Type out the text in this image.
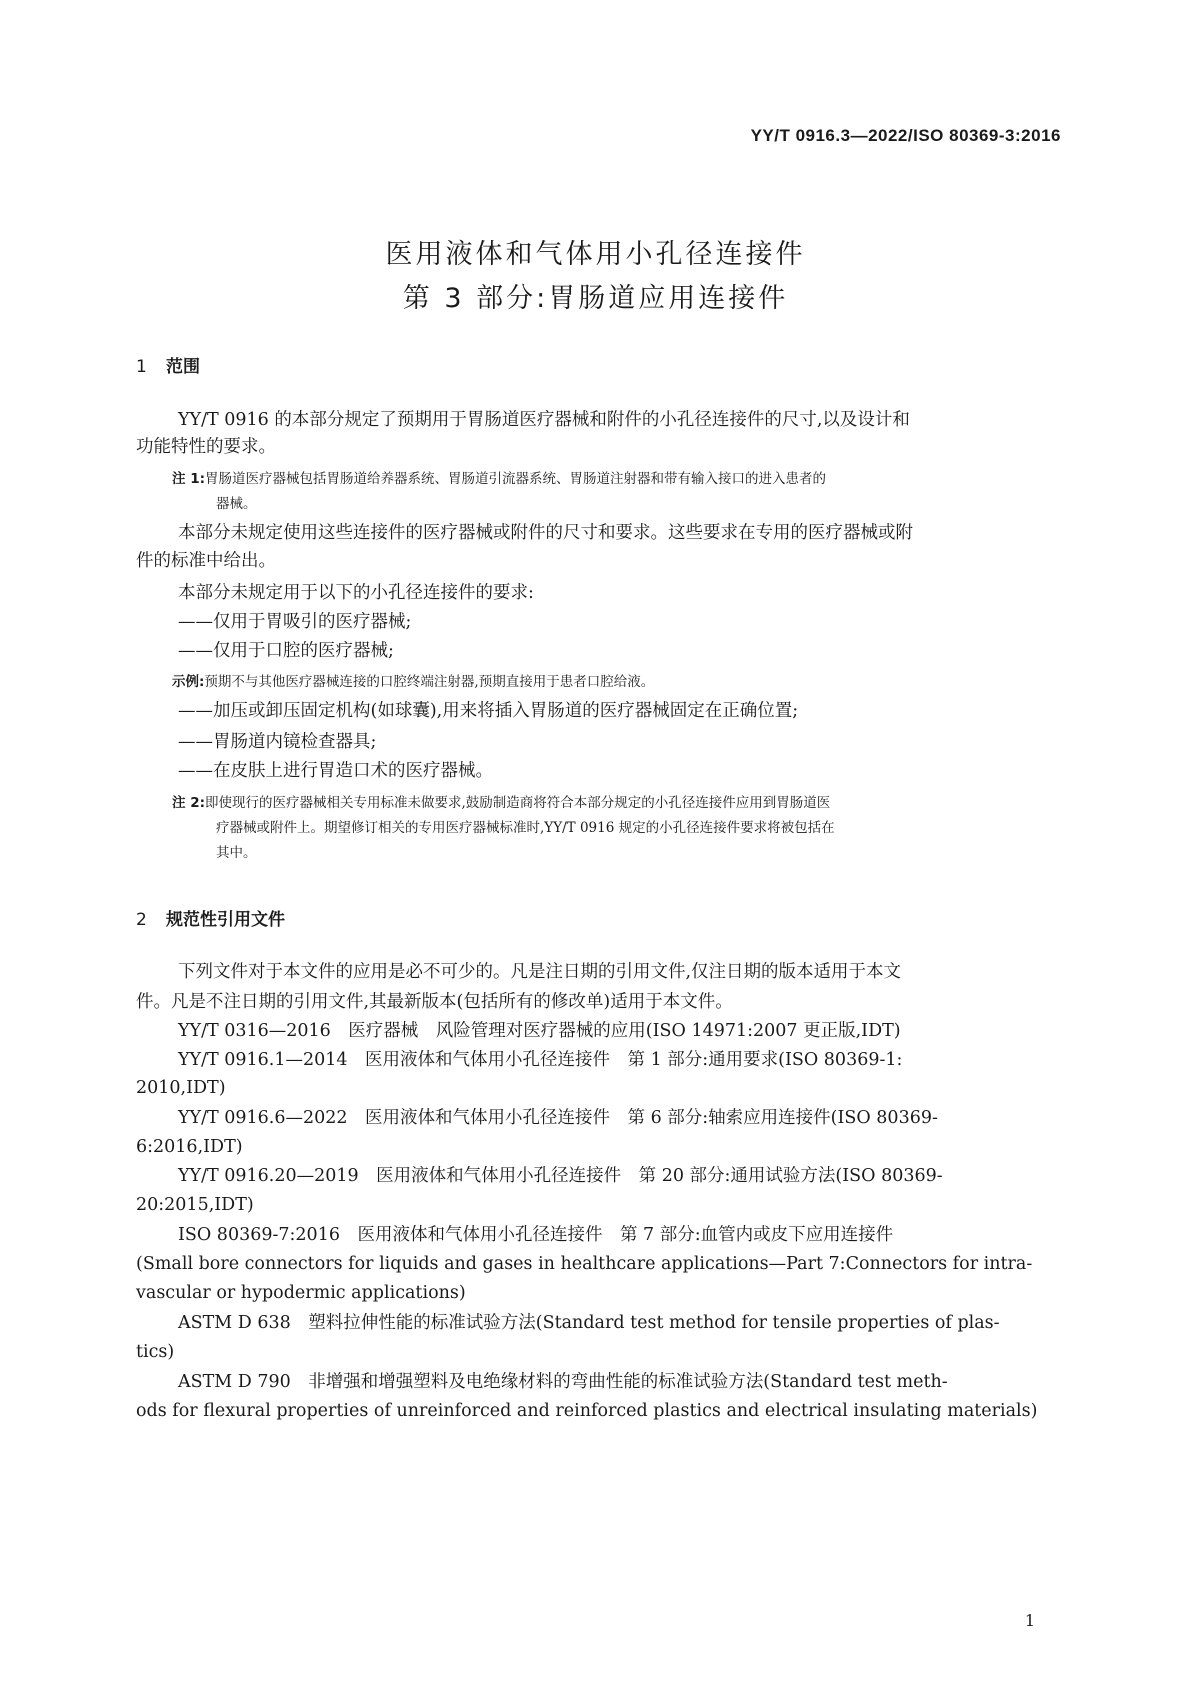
YY/T 0916.3—2022/ISO 80369-3:2016
医用液体和气体用小孔径连接件
第 3 部分:胃肠道应用连接件
1 范围
YY/T 0916 的本部分规定了预期用于胃肠道医疗器械和附件的小孔径连接件的尺寸,以及设计和
功能特性的要求。
注 1:胃肠道医疗器械包括胃肠道给养器系统、胃肠道引流器系统、胃肠道注射器和带有输入接口的进入患者的
器械。
本部分未规定使用这些连接件的医疗器械或附件的尺寸和要求。这些要求在专用的医疗器械或附
件的标准中给出。
本部分未规定用于以下的小孔径连接件的要求:
——仅用于胃吸引的医疗器械;
——仅用于口腔的医疗器械;
示例:预期不与其他医疗器械连接的口腔终端注射器,预期直接用于患者口腔给液。
——加压或卸压固定机构(如球囊),用来将插入胃肠道的医疗器械固定在正确位置;
——胃肠道内镜检查器具;
——在皮肤上进行胃造口术的医疗器械。
注 2:即使现行的医疗器械相关专用标准未做要求,鼓励制造商将符合本部分规定的小孔径连接件应用到胃肠道医
疗器械或附件上。期望修订相关的专用医疗器械标准时,YY/T 0916 规定的小孔径连接件要求将被包括在
其中。
2 规范性引用文件
下列文件对于本文件的应用是必不可少的。凡是注日期的引用文件,仅注日期的版本适用于本文
件。凡是不注日期的引用文件,其最新版本(包括所有的修改单)适用于本文件。
YY/T 0316—2016　医疗器械　风险管理对医疗器械的应用(ISO 14971:2007 更正版,IDT)
YY/T 0916.1—2014　医用液体和气体用小孔径连接件　第 1 部分:通用要求(ISO 80369-1:
2010,IDT)
YY/T 0916.6—2022　医用液体和气体用小孔径连接件　第 6 部分:轴索应用连接件(ISO 80369-
6:2016,IDT)
YY/T 0916.20—2019　医用液体和气体用小孔径连接件　第 20 部分:通用试验方法(ISO 80369-
20:2015,IDT)
ISO 80369-7:2016　医用液体和气体用小孔径连接件　第 7 部分:血管内或皮下应用连接件
(Small bore connectors for liquids and gases in healthcare applications—Part 7:Connectors for intra-
vascular or hypodermic applications)
ASTM D 638　塑料拉伸性能的标准试验方法(Standard test method for tensile properties of plas-
tics)
ASTM D 790　非增强和增强塑料及电绝缘材料的弯曲性能的标准试验方法(Standard test meth-
ods for flexural properties of unreinforced and reinforced plastics and electrical insulating materials)
1
